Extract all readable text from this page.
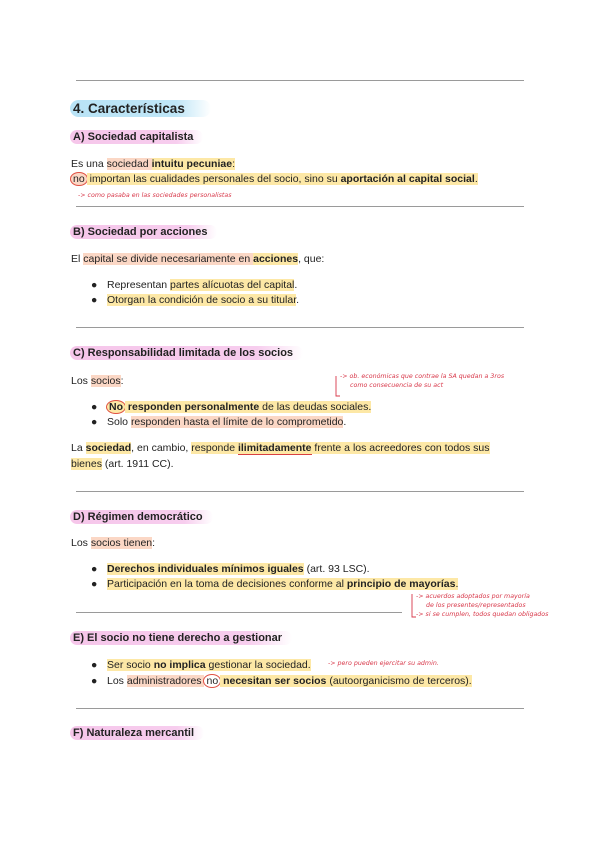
4. Características
A) Sociedad capitalista
Es una sociedad intuitu pecuniae:
no importan las cualidades personales del socio, sino su aportación al capital social.
-> como pasaba en las sociedades personalistas
B) Sociedad por acciones
El capital se divide necesariamente en acciones, que:
● Representan partes alícuotas del capital.
● Otorgan la condición de socio a su titular.
C) Responsabilidad limitada de los socios
Los socios:	-> ob. económicas que contrae la SA quedan a 3ros
como consecuencia de su act
● No responden personalmente de las deudas sociales.
● Solo responden hasta el límite de lo comprometido.
La sociedad, en cambio, responde ilimitadamente frente a los acreedores con todos sus
bienes (art. 1911 CC).
D) Régimen democrático
Los socios tienen:
● Derechos individuales mínimos iguales (art. 93 LSC).
● Participación en la toma de decisiones conforme al principio de mayorías.
-> acuerdos adoptados por mayoría
de los presentes/representados
-> si se cumplen, todos quedan obligados
E) El socio no tiene derecho a gestionar
● Ser socio no implica gestionar la sociedad.	-> pero pueden ejercitar su admin.
● Los administradores no necesitan ser socios (autoorganicismo de terceros).
F) Naturaleza mercantil
